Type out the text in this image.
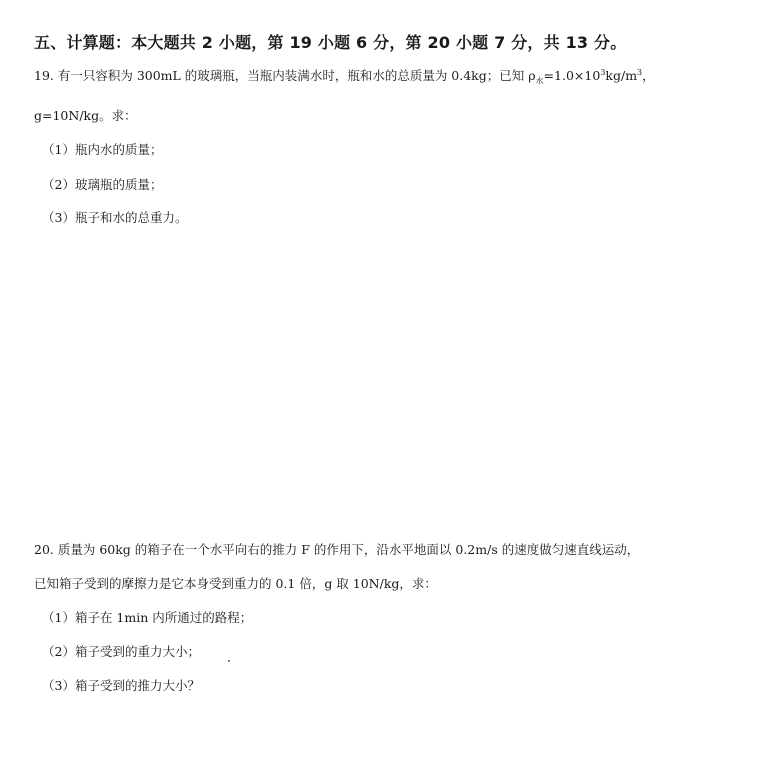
五、计算题：本大题共 2 小题，第 19 小题 6 分，第 20 小题 7 分，共 13 分。
19. 有一只容积为 300mL 的玻璃瓶，当瓶内装满水时，瓶和水的总质量为 0.4kg；已知 $\rho_水=1.0\times 10^3kg/m^3$，
g=10N/kg。求：
（1）瓶内水的质量；
（2）玻璃瓶的质量；
（3）瓶子和水的总重力。
20. 质量为 60kg 的箱子在一个水平向右的推力 F 的作用下，沿水平地面以 0.2m/s 的速度做匀速直线运动，
已知箱子受到的摩擦力是它本身受到重力的 0.1 倍，g 取 10N/kg，求：
（1）箱子在 1min 内所通过的路程；
（2）箱子受到的重力大小；
（3）箱子受到的推力大小？
